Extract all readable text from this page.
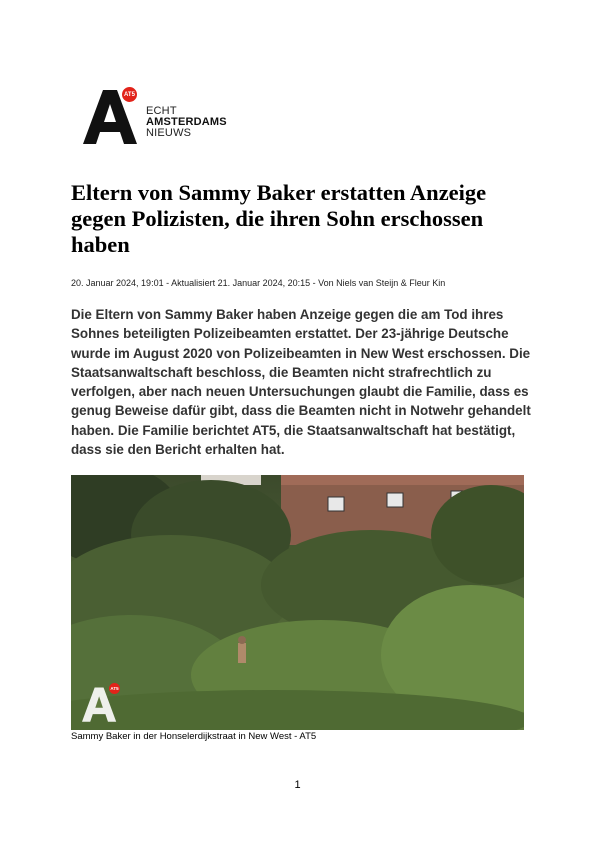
AT5
ECHT
AMSTERDAMS
NIEUWS
Eltern von Sammy Baker erstatten Anzeige gegen Polizisten, die ihren Sohn erschossen haben
20. Januar 2024, 19:01 - Aktualisiert 21. Januar 2024, 20:15 - Von Niels van Steijn & Fleur Kin

Die Eltern von Sammy Baker haben Anzeige gegen die am Tod ihres Sohnes beteiligten Polizeibeamten erstattet. Der 23-jährige Deutsche wurde im August 2020 von Polizeibeamten in New West erschossen. Die Staatsanwaltschaft beschloss, die Beamten nicht strafrechtlich zu verfolgen, aber nach neuen Untersuchungen glaubt die Familie, dass es genug Beweise dafür gibt, dass die Beamten nicht in Notwehr gehandelt haben. Die Familie berichtet AT5, die Staatsanwaltschaft hat bestätigt, dass sie den Bericht erhalten hat.

AT5
Sammy Baker in der Honselerdijkstraat in New West - AT5
1
